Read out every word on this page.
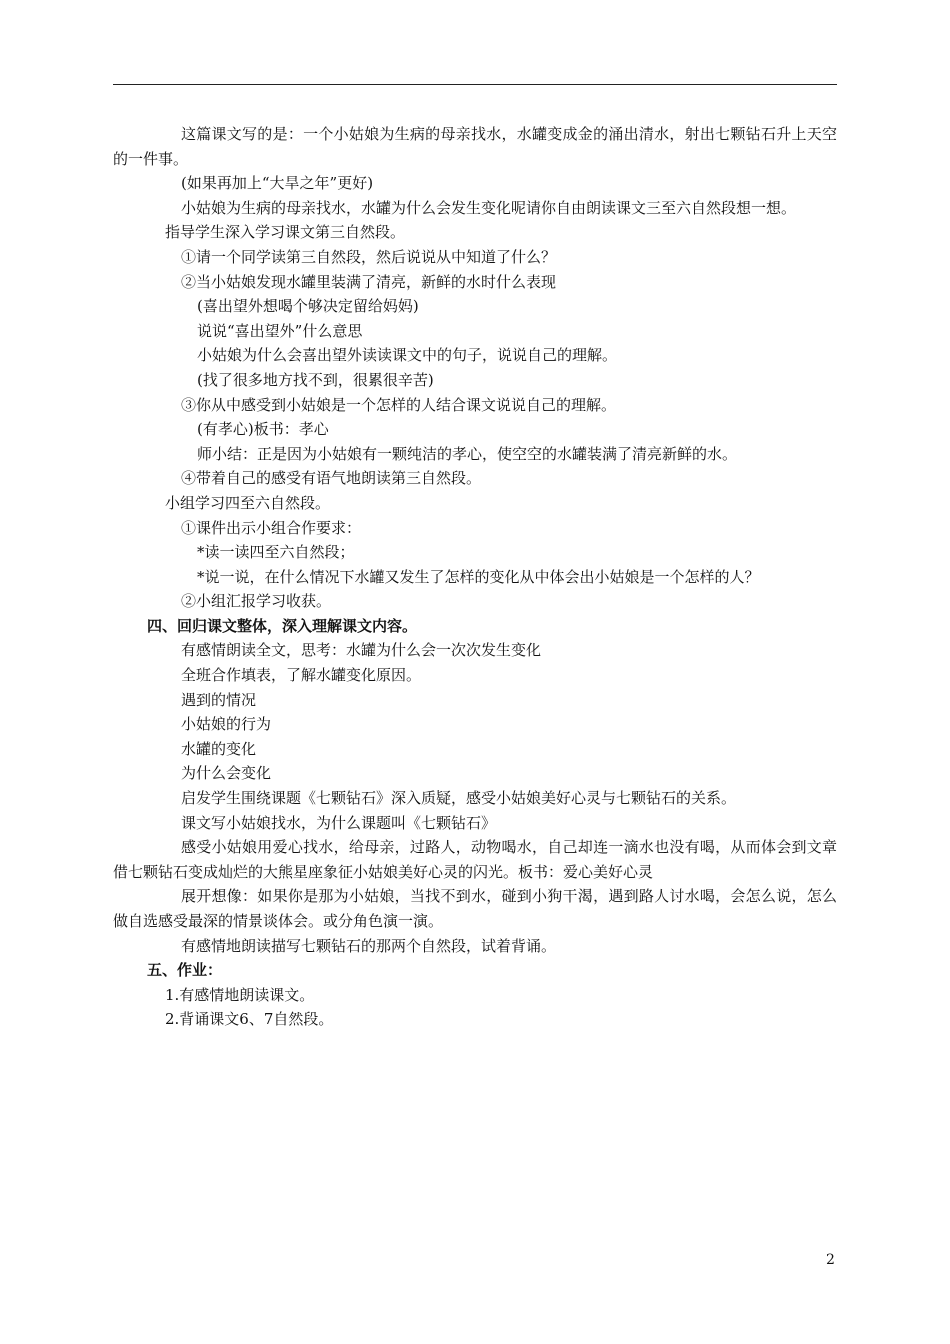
这篇课文写的是：一个小姑娘为生病的母亲找水，水罐变成金的涌出清水，射出七颗钻石升上天空的一件事。
(如果再加上“大旱之年”更好)
小姑娘为生病的母亲找水，水罐为什么会发生变化呢请你自由朗读课文三至六自然段想一想。
指导学生深入学习课文第三自然段。
①请一个同学读第三自然段，然后说说从中知道了什么？
②当小姑娘发现水罐里装满了清亮，新鲜的水时什么表现
(喜出望外想喝个够决定留给妈妈)
说说“喜出望外”什么意思
小姑娘为什么会喜出望外读读课文中的句子，说说自己的理解。
(找了很多地方找不到，很累很辛苦)
③你从中感受到小姑娘是一个怎样的人结合课文说说自己的理解。
(有孝心)板书：孝心
师小结：正是因为小姑娘有一颗纯洁的孝心，使空空的水罐装满了清亮新鲜的水。
④带着自己的感受有语气地朗读第三自然段。
小组学习四至六自然段。
①课件出示小组合作要求：
*读一读四至六自然段；
*说一说，在什么情况下水罐又发生了怎样的变化从中体会出小姑娘是一个怎样的人？
②小组汇报学习收获。
四、回归课文整体，深入理解课文内容。
有感情朗读全文，思考：水罐为什么会一次次发生变化
全班合作填表，了解水罐变化原因。
遇到的情况
小姑娘的行为
水罐的变化
为什么会变化
启发学生围绕课题《七颗钻石》深入质疑，感受小姑娘美好心灵与七颗钻石的关系。
课文写小姑娘找水，为什么课题叫《七颗钻石》
感受小姑娘用爱心找水，给母亲，过路人，动物喝水，自己却连一滴水也没有喝，从而体会到文章借七颗钻石变成灿烂的大熊星座象征小姑娘美好心灵的闪光。板书：爱心美好心灵
展开想像：如果你是那为小姑娘，当找不到水，碰到小狗干渴，遇到路人讨水喝，会怎么说，怎么做自选感受最深的情景谈体会。或分角色演一演。
有感情地朗读描写七颗钻石的那两个自然段，试着背诵。
五、作业：
1.有感情地朗读课文。
2.背诵课文6、7自然段。
2
